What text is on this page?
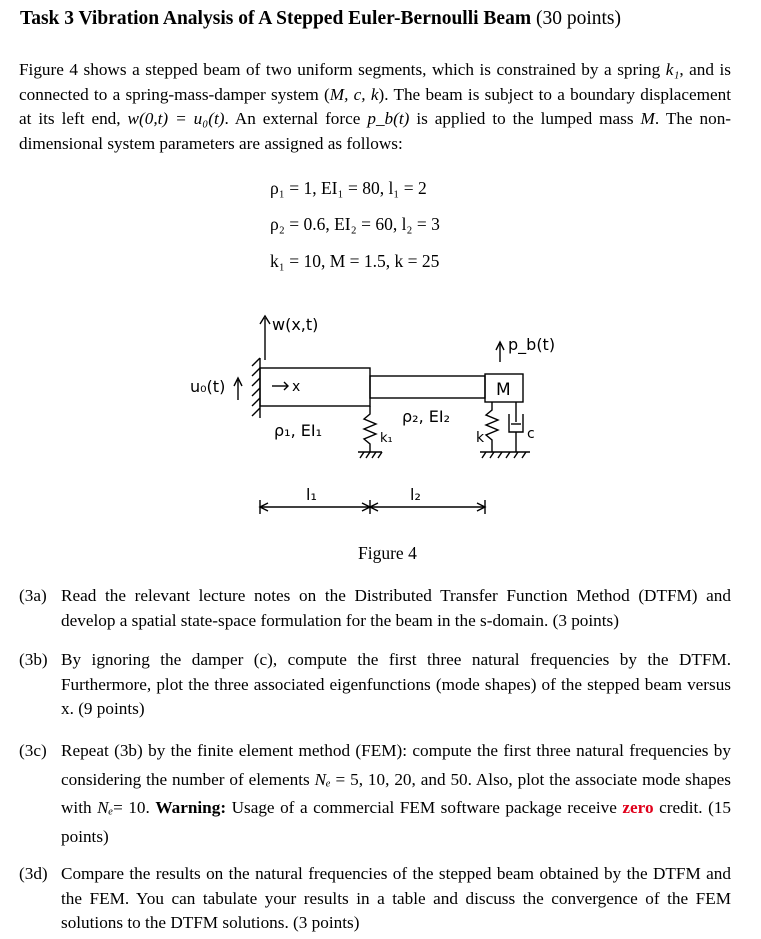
Task 3 Vibration Analysis of A Stepped Euler-Bernoulli Beam (30 points)
Figure 4 shows a stepped beam of two uniform segments, which is constrained by a spring k₁, and is connected to a spring-mass-damper system (M, c, k). The beam is subject to a boundary displacement at its left end, w(0,t) = u₀(t). An external force p_b(t) is applied to the lumped mass M. The non-dimensional system parameters are assigned as follows:
ρ₁ = 1, EI₁ = 80, l₁ = 2
ρ₂ = 0.6, EI₂ = 60, l₂ = 3
k₁ = 10, M = 1.5, k = 25
w(x,t)
u₀(t)	x
ρ₁, EI₁
ρ₂, EI₂
k₁
M
k	c
p_b(t)
l₁	l₂
Figure 4
(3a) Read the relevant lecture notes on the Distributed Transfer Function Method (DTFM) and develop a spatial state-space formulation for the beam in the s-domain. (3 points)
(3b) By ignoring the damper (c), compute the first three natural frequencies by the DTFM. Furthermore, plot the three associated eigenfunctions (mode shapes) of the stepped beam versus x. (9 points)
(3c) Repeat (3b) by the finite element method (FEM): compute the first three natural frequencies by considering the number of elements Nₑ = 5, 10, 20, and 50. Also, plot the associate mode shapes with Nₑ= 10. Warning: Usage of a commercial FEM software package receive zero credit. (15 points)
(3d) Compare the results on the natural frequencies of the stepped beam obtained by the DTFM and the FEM. You can tabulate your results in a table and discuss the convergence of the FEM solutions to the DTFM solutions. (3 points)
